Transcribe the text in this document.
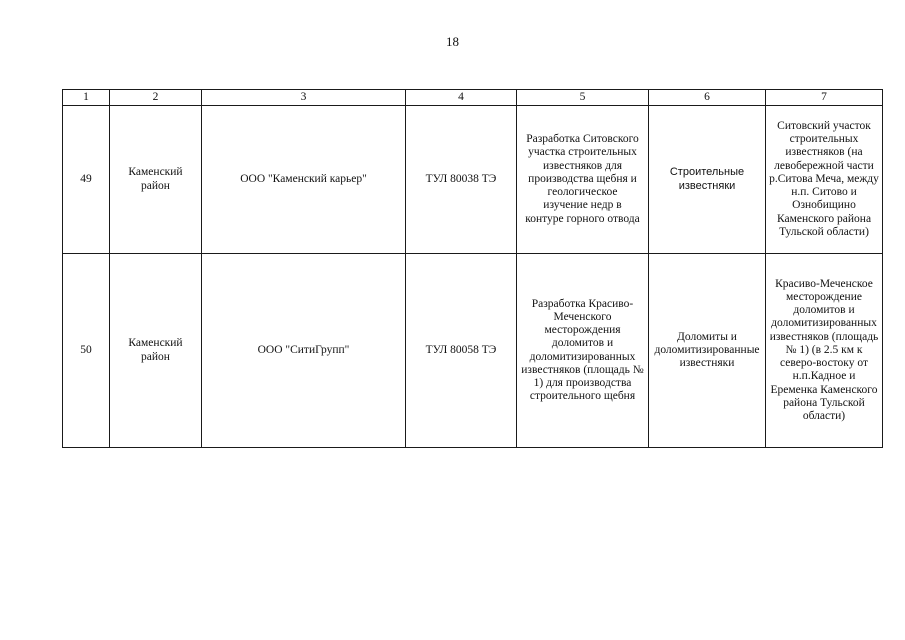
18
1	2	3	4	5	6	7
49	Каменский район	ООО "Каменский карьер"	ТУЛ 80038 ТЭ	Разработка Ситовского участка строительных известняков для производства щебня и геологическое изучение недр в контуре горного отвода	Строительные известняки	Ситовский участок строительных известняков (на левобережной части р.Ситова Меча, между н.п. Ситово и Ознобищино Каменского района Тульской области)

50	Каменский район	ООО "СитиГрупп"	ТУЛ 80058 ТЭ	Разработка Красиво-Меченского месторождения доломитов и доломитизированных известняков (площадь № 1) для производства строительного щебня	Доломиты и доломитизированные известняки	Красиво-Меченское месторождение доломитов и доломитизированных известняков (площадь № 1) (в 2.5 км к северо-востоку от н.п.Кадное и Еременка Каменского района Тульской области)
